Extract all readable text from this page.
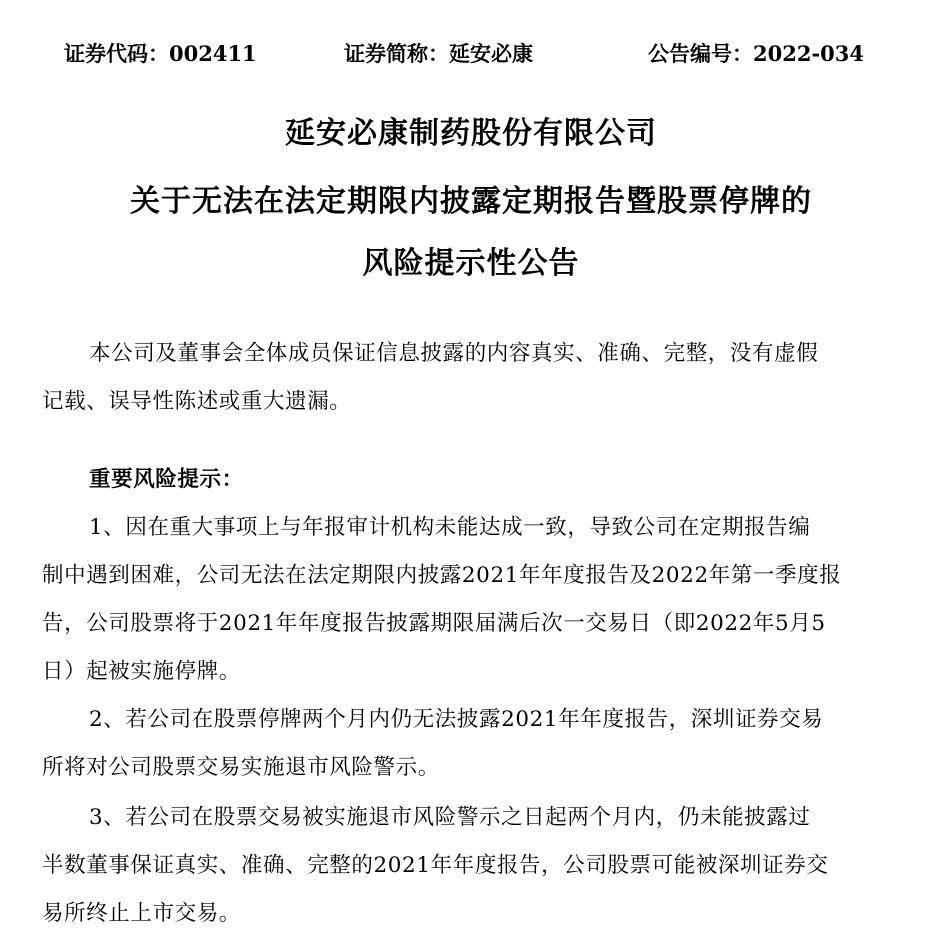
证券代码：002411	证券简称：延安必康	公告编号：2022-034
延安必康制药股份有限公司
关于无法在法定期限内披露定期报告暨股票停牌的
风险提示性公告
本公司及董事会全体成员保证信息披露的内容真实、准确、完整，没有虚假
记载、误导性陈述或重大遗漏。
重要风险提示：
1、因在重大事项上与年报审计机构未能达成一致，导致公司在定期报告编
制中遇到困难，公司无法在法定期限内披露2021年年度报告及2022年第一季度报
告，公司股票将于2021年年度报告披露期限届满后次一交易日（即2022年5月5
日）起被实施停牌。
2、若公司在股票停牌两个月内仍无法披露2021年年度报告，深圳证券交易
所将对公司股票交易实施退市风险警示。
3、若公司在股票交易被实施退市风险警示之日起两个月内，仍未能披露过
半数董事保证真实、准确、完整的2021年年度报告，公司股票可能被深圳证券交
易所终止上市交易。
